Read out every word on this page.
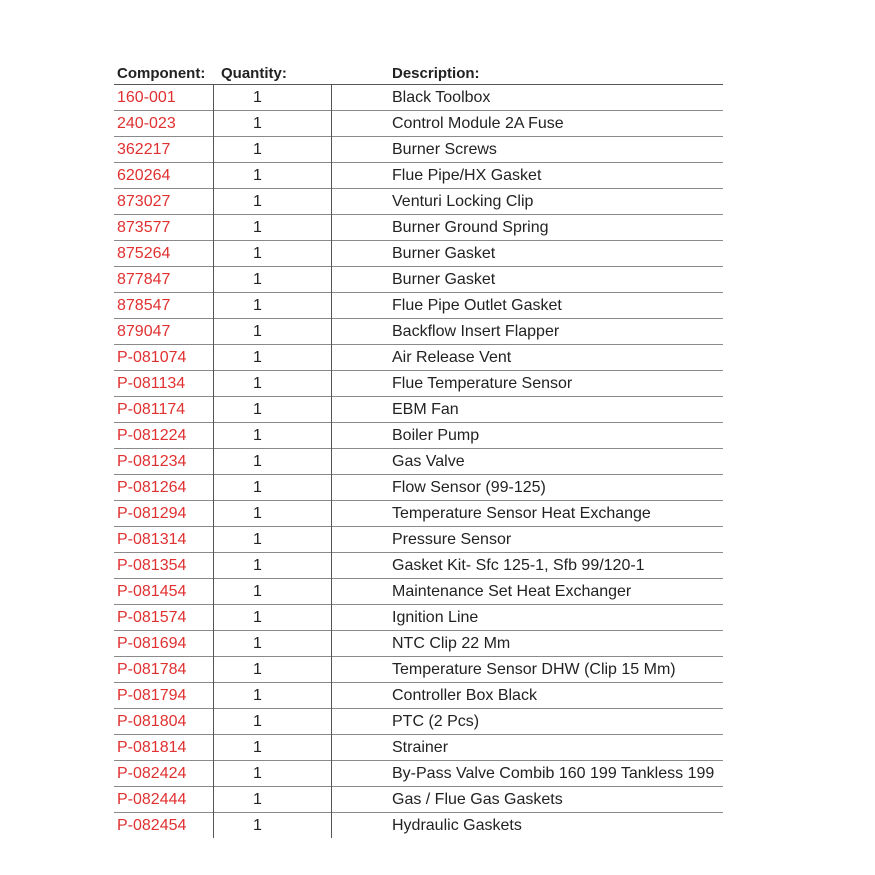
Component: Quantity:	Description:
160-001	1	Black Toolbox
240-023	1	Control Module 2A Fuse
362217	1	Burner Screws
620264	1	Flue Pipe/HX Gasket
873027	1	Venturi Locking Clip
873577	1	Burner Ground Spring
875264	1	Burner Gasket
877847	1	Burner Gasket
878547	1	Flue Pipe Outlet Gasket
879047	1	Backflow Insert Flapper
P-081074	1	Air Release Vent
P-081134	1	Flue Temperature Sensor
P-081174	1	EBM Fan
P-081224	1	Boiler Pump
P-081234	1	Gas Valve
P-081264	1	Flow Sensor (99-125)
P-081294	1	Temperature Sensor Heat Exchange
P-081314	1	Pressure Sensor
P-081354	1	Gasket Kit- Sfc 125-1, Sfb 99/120-1
P-081454	1	Maintenance Set Heat Exchanger
P-081574	1	Ignition Line
P-081694	1	NTC Clip 22 Mm
P-081784	1	Temperature Sensor DHW (Clip 15 Mm)
P-081794	1	Controller Box Black
P-081804	1	PTC (2 Pcs)
P-081814	1	Strainer
P-082424	1	By-Pass Valve Combib 160 199 Tankless 199
P-082444	1	Gas / Flue Gas Gaskets
P-082454	1	Hydraulic Gaskets
